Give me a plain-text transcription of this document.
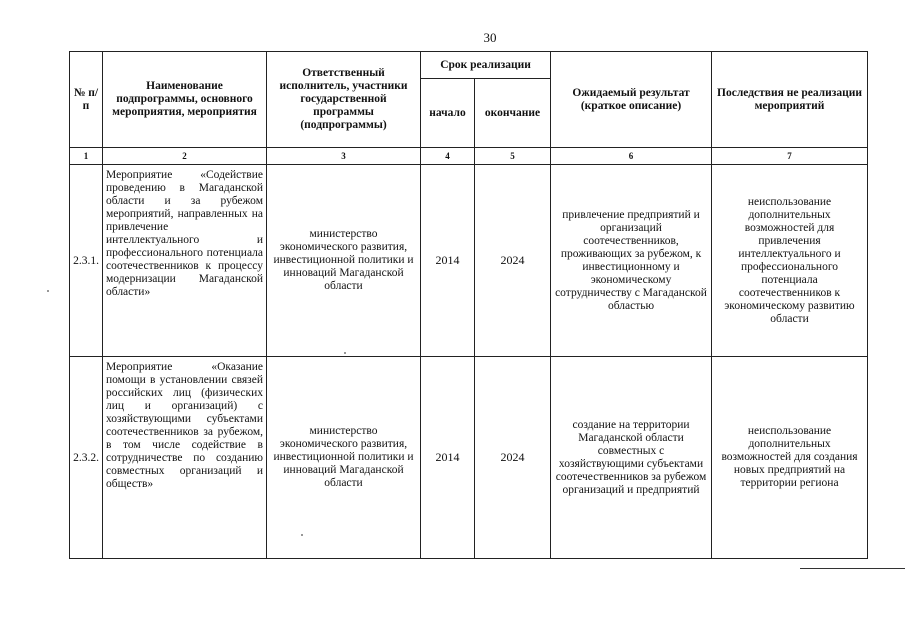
30
№ п/п	Наименование подпрограммы, основного мероприятия, мероприятия	Ответственный исполнитель, участники государственной программы (подпрограммы)	Срок реализации		Ожидаемый результат (краткое описание)	Последствия не реализации мероприятий
			начало	окончание		
1	2	3	4	5	6	7
2.3.1.	Мероприятие «Содействие проведению в Магаданской области и за рубежом мероприятий, направленных на привлечение интеллектуального и профессионального потенциала соотечественников к процессу модернизации Магаданской области»	министерство экономического развития, инвестиционной политики и инноваций Магаданской области	2014	2024	привлечение предприятий и организаций соотечественников, проживающих за рубежом, к инвестиционному и экономическому сотрудничеству с Магаданской областью	неиспользование дополнительных возможностей для привлечения интеллектуального и профессионального потенциала соотечественников к экономическому развитию области
2.3.2.	Мероприятие «Оказание помощи в установлении связей российских лиц (физических лиц и организаций) с хозяйствующими субъектами соотечественников за рубежом, в том числе содействие в сотрудничестве по созданию совместных организаций и обществ»	министерство экономического развития, инвестиционной политики и инноваций Магаданской области	2014	2024	создание на территории Магаданской области совместных с хозяйствующими субъектами соотечественников за рубежом организаций и предприятий	неиспользование дополнительных возможностей для создания новых предприятий на территории региона
